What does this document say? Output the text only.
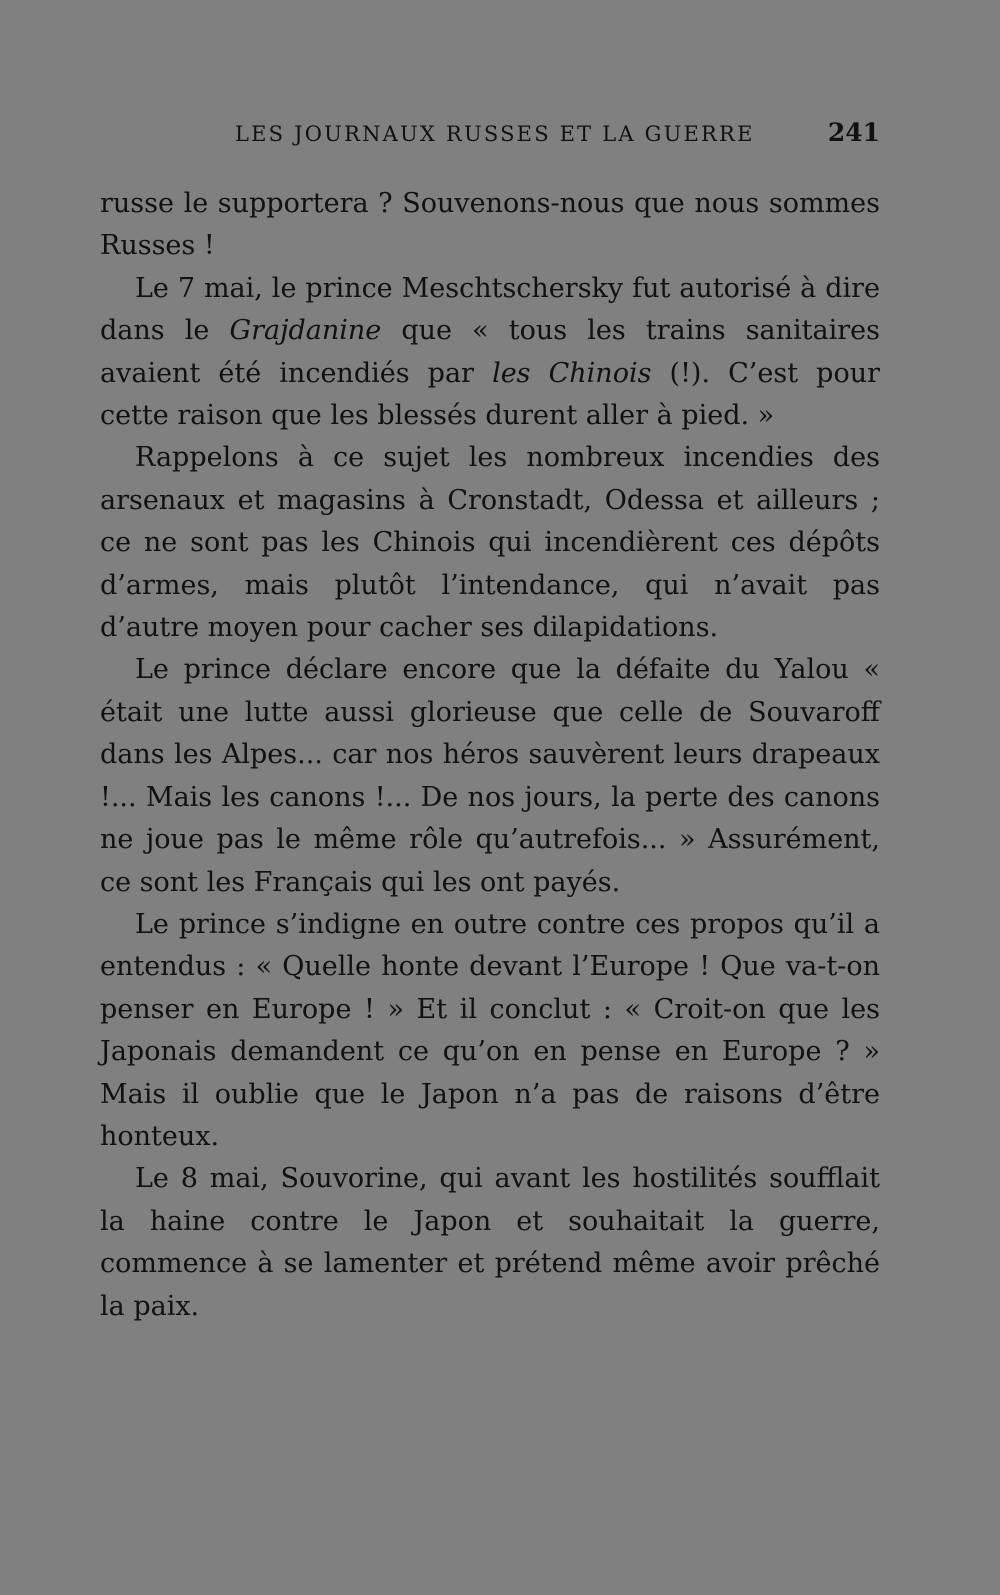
LES JOURNAUX RUSSES ET LA GUERRE	241

russe le supportera ? Souvenons-nous que nous sommes Russes !

Le 7 mai, le prince Meschtschersky fut autorisé à dire dans le Grajdanine que « tous les trains sanitaires avaient été incendiés par les Chinois (!). C’est pour cette raison que les blessés durent aller à pied. »

Rappelons à ce sujet les nombreux incendies des arsenaux et magasins à Cronstadt, Odessa et ailleurs ; ce ne sont pas les Chinois qui incendièrent ces dépôts d’armes, mais plutôt l’intendance, qui n’avait pas d’autre moyen pour cacher ses dilapidations.

Le prince déclare encore que la défaite du Yalou « était une lutte aussi glorieuse que celle de Souvaroff dans les Alpes... car nos héros sauvèrent leurs drapeaux !... Mais les canons !... De nos jours, la perte des canons ne joue pas le même rôle qu’autrefois... » Assurément, ce sont les Français qui les ont payés.

Le prince s’indigne en outre contre ces propos qu’il a entendus : « Quelle honte devant l’Europe ! Que va-t-on penser en Europe ! » Et il conclut : « Croit-on que les Japonais demandent ce qu’on en pense en Europe ? » Mais il oublie que le Japon n’a pas de raisons d’être honteux.

Le 8 mai, Souvorine, qui avant les hostilités soufflait la haine contre le Japon et souhaitait la guerre, commence à se lamenter et prétend même avoir prêché la paix.
